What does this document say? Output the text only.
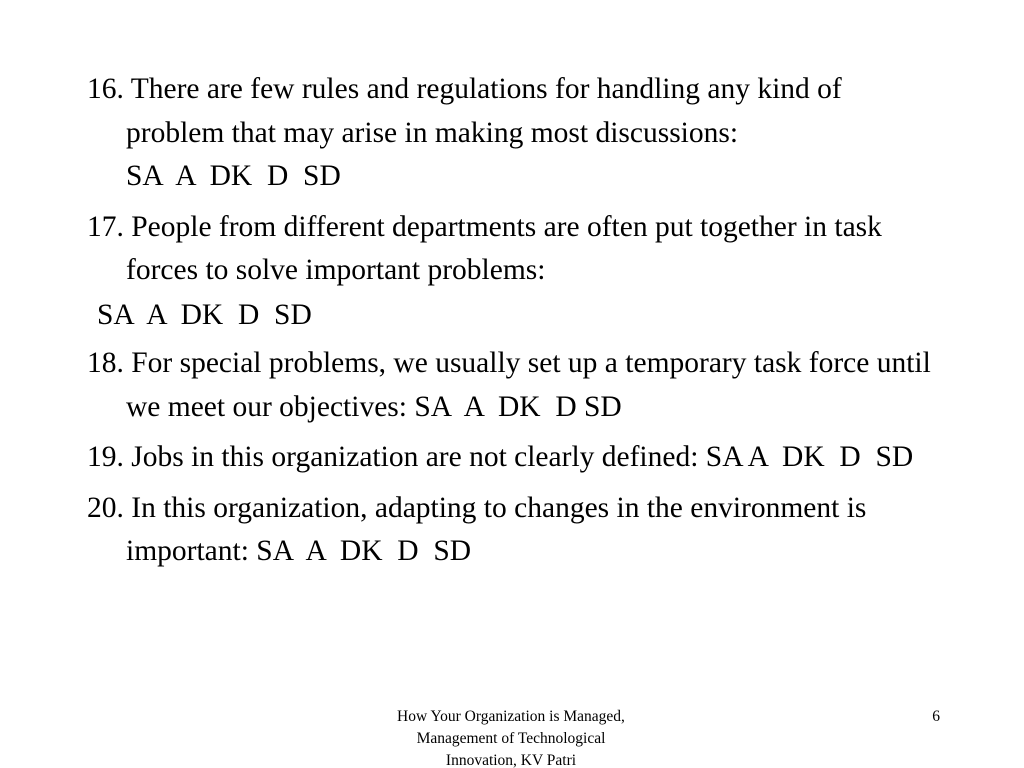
16. There are few rules and regulations for handling any kind of problem that may arise in making most discussions: SA  A  DK  D  SD
17. People from different departments are often put together in task forces to solve important problems:
SA  A  DK  D  SD
18. For special problems, we usually set up a temporary task force until we meet our objectives: SA  A  DK  D SD
19. Jobs in this organization are not clearly defined: SA A  DK  D  SD
20. In this organization, adapting to changes in the environment is important: SA  A  DK  D  SD
How Your Organization is Managed,
Management of Technological
Innovation, KV Patri
6
